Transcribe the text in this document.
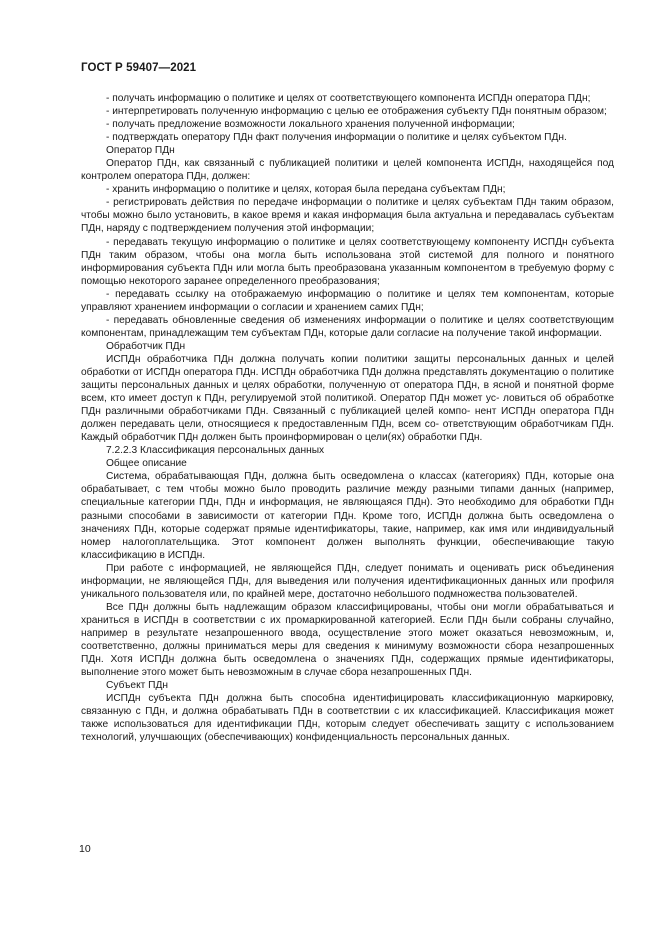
ГОСТ Р 59407—2021

- получать информацию о политике и целях от соответствующего компонента ИСПДн оператора ПДн;

- интерпретировать полученную информацию с целью ее отображения субъекту ПДн понятным образом;

- получать предложение возможности локального хранения полученной информации;

- подтверждать оператору ПДн факт получения информации о политике и целях субъектом ПДн.

Оператор ПДн

Оператор ПДн, как связанный с публикацией политики и целей компонента ИСПДн, находящейся под контролем оператора ПДн, должен:

- хранить информацию о политике и целях, которая была передана субъектам ПДн;

- регистрировать действия по передаче информации о политике и целях субъектам ПДн таким образом, чтобы можно было установить, в какое время и какая информация была актуальна и передавалась субъектам ПДн, наряду с подтверждением получения этой информации;

- передавать текущую информацию о политике и целях соответствующему компоненту ИСПДн субъекта ПДн таким образом, чтобы она могла быть использована этой системой для полного и понятного информирования субъекта ПДн или могла быть преобразована указанным компонентом в требуемую форму с помощью некоторого заранее определенного преобразования;

- передавать ссылку на отображаемую информацию о политике и целях тем компонентам, которые управляют хранением информации о согласии и хранением самих ПДн;

- передавать обновленные сведения об изменениях информации о политике и целях соответствующим компонентам, принадлежащим тем субъектам ПДн, которые дали согласие на получение такой информации.

Обработчик ПДн

ИСПДн обработчика ПДн должна получать копии политики защиты персональных данных и целей обработки от ИСПДн оператора ПДн. ИСПДн обработчика ПДн должна представлять документацию о политике защиты персональных данных и целях обработки, полученную от оператора ПДн, в ясной и понятной форме всем, кто имеет доступ к ПДн, регулируемой этой политикой. Оператор ПДн может ус- ловиться об обработке ПДн различными обработчиками ПДн. Связанный с публикацией целей компо- нент ИСПДн оператора ПДн должен передавать цели, относящиеся к предоставленным ПДн, всем со- ответствующим обработчикам ПДн. Каждый обработчик ПДн должен быть проинформирован о цели(ях) обработки ПДн.

7.2.2.3 Классификация персональных данных

Общее описание

Система, обрабатывающая ПДн, должна быть осведомлена о классах (категориях) ПДн, которые она обрабатывает, с тем чтобы можно было проводить различие между разными типами данных (например, специальные категории ПДн, ПДн и информация, не являющаяся ПДн). Это необходимо для обработки ПДн разными способами в зависимости от категории ПДн. Кроме того, ИСПДн должна быть осведомлена о значениях ПДн, которые содержат прямые идентификаторы, такие, например, как имя или индивидуальный номер налогоплательщика. Этот компонент должен выполнять функции, обеспечивающие такую классификацию в ИСПДн.

При работе с информацией, не являющейся ПДн, следует понимать и оценивать риск объединения информации, не являющейся ПДн, для выведения или получения идентификационных данных или профиля уникального пользователя или, по крайней мере, достаточно небольшого подмножества пользователей.

Все ПДн должны быть надлежащим образом классифицированы, чтобы они могли обрабатываться и храниться в ИСПДн в соответствии с их промаркированной категорией. Если ПДн были собраны случайно, например в результате незапрошенного ввода, осуществление этого может оказаться невозможным, и, соответственно, должны приниматься меры для сведения к минимуму возможности сбора незапрошенных ПДн. Хотя ИСПДн должна быть осведомлена о значениях ПДн, содержащих прямые идентификаторы, выполнение этого может быть невозможным в случае сбора незапрошенных ПДн.

Субъект ПДн

ИСПДн субъекта ПДн должна быть способна идентифицировать классификационную маркировку, связанную с ПДн, и должна обрабатывать ПДн в соответствии с их классификацией. Классификация может также использоваться для идентификации ПДн, которым следует обеспечивать защиту с использованием технологий, улучшающих (обеспечивающих) конфиденциальность персональных данных.

10
